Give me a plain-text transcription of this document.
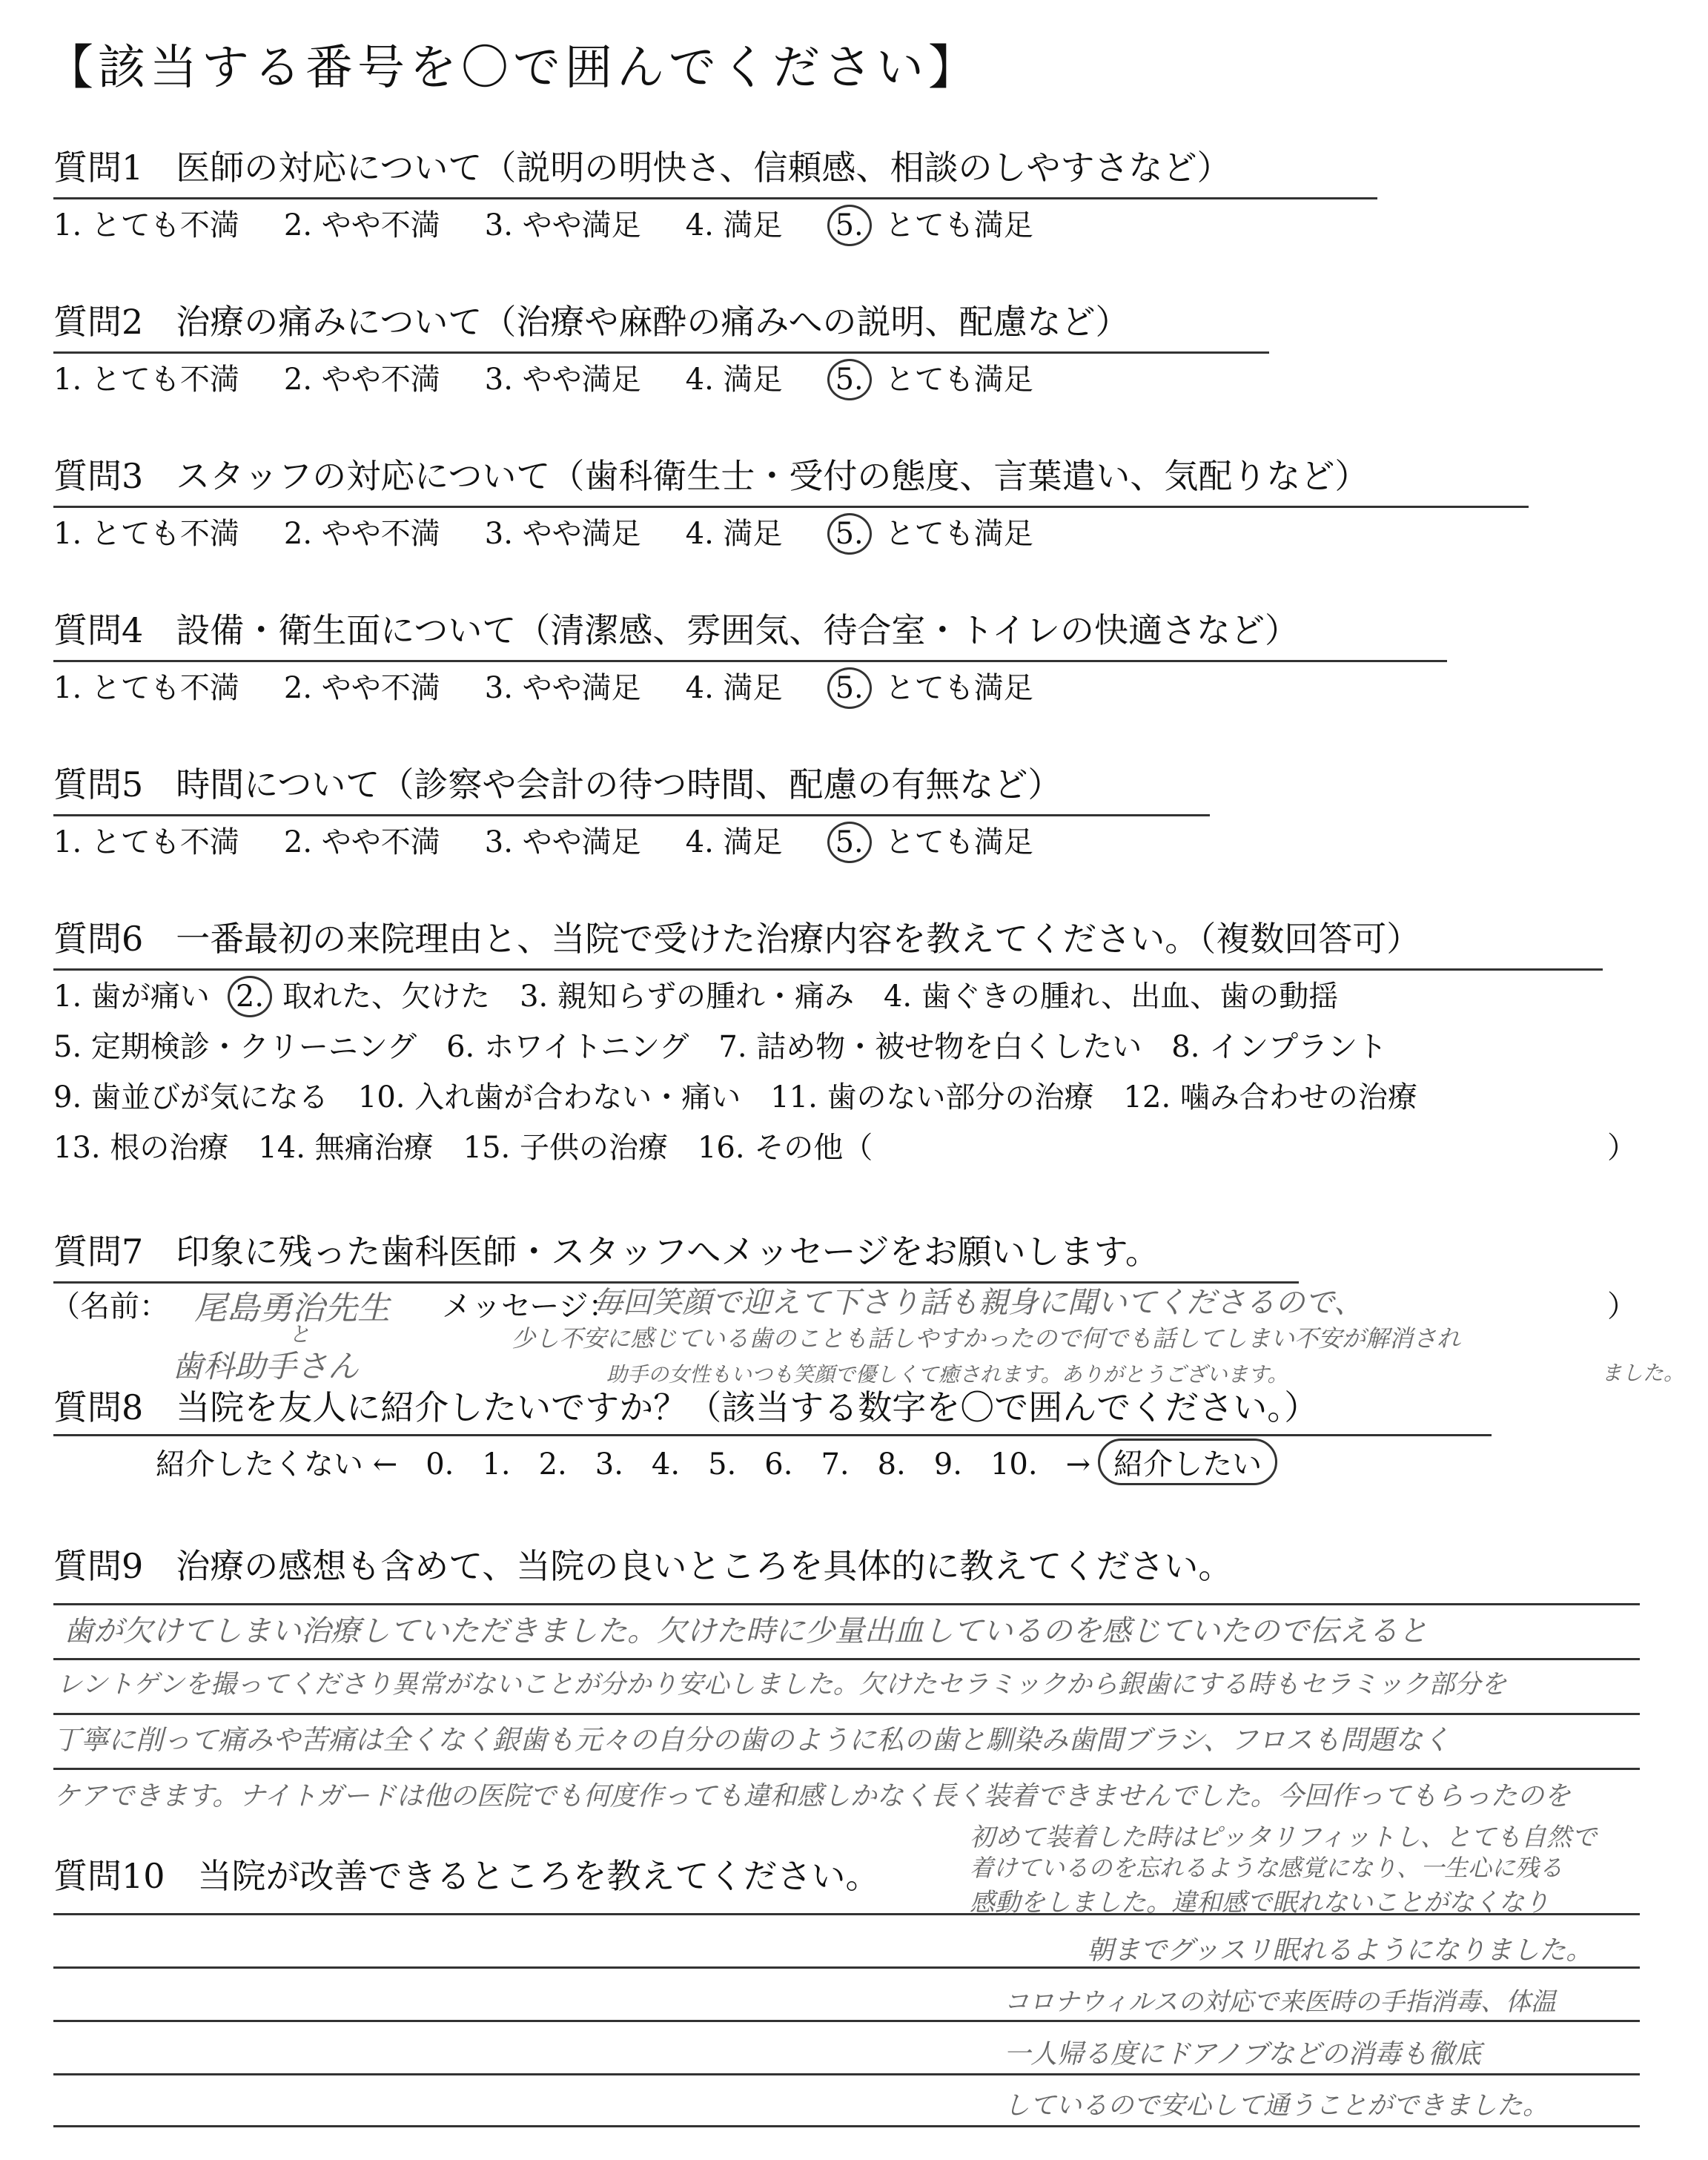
【該当する番号を〇で囲んでください】
質問1 医師の対応について（説明の明快さ、信頼感、相談のしやすさなど）
1. とても不満 2. やや不満 3. やや満足 4. 満足 5. とても満足
質問2 治療の痛みについて（治療や麻酔の痛みへの説明、配慮など）
1. とても不満 2. やや不満 3. やや満足 4. 満足 5. とても満足
質問3 スタッフの対応について（歯科衛生士・受付の態度、言葉遣い、気配りなど）
1. とても不満 2. やや不満 3. やや満足 4. 満足 5. とても満足
質問4 設備・衛生面について（清潔感、雰囲気、待合室・トイレの快適さなど）
1. とても不満 2. やや不満 3. やや満足 4. 満足 5. とても満足
質問5 時間について（診察や会計の待つ時間、配慮の有無など）
1. とても不満 2. やや不満 3. やや満足 4. 満足 5. とても満足
質問6 一番最初の来院理由と、当院で受けた治療内容を教えてください。（複数回答可）
1. 歯が痛い 2. 取れた、欠けた 3. 親知らずの腫れ・痛み 4. 歯ぐきの腫れ、出血、歯の動揺
5. 定期検診・クリーニング 6. ホワイトニング 7. 詰め物・被せ物を白くしたい 8. インプラント
9. 歯並びが気になる 10. 入れ歯が合わない・痛い 11. 歯のない部分の治療 12. 噛み合わせの治療
13. 根の治療 14. 無痛治療 15. 子供の治療 16. その他（	）
質問7 印象に残った歯科医師・スタッフへメッセージをお願いします。
（名前：	メッセージ：	）
尾島勇治先生
と
歯科助手さん
毎回笑顔で迎えて下さり話も親身に聞いてくださるので、
少し不安に感じている歯のことも話しやすかったので何でも話してしまい不安が解消され
助手の女性もいつも笑顔で優しくて癒されます。ありがとうございます。	ました。
質問8 当院を友人に紹介したいですか？（該当する数字を〇で囲んでください。）
紹介したくない ← 0. 1. 2. 3. 4. 5. 6. 7. 8. 9. 10. → 紹介したい
質問9 治療の感想も含めて、当院の良いところを具体的に教えてください。
歯が欠けてしまい治療していただきました。欠けた時に少量出血しているのを感じていたので伝えると
レントゲンを撮ってくださり異常がないことが分かり安心しました。欠けたセラミックから銀歯にする時もセラミック部分を
丁寧に削って痛みや苦痛は全くなく銀歯も元々の自分の歯のように私の歯と馴染み歯間ブラシ、フロスも問題なく
ケアできます。ナイトガードは他の医院でも何度作っても違和感しかなく長く装着できませんでした。今回作ってもらったのを
質問10 当院が改善できるところを教えてください。
初めて装着した時はピッタリフィットし、とても自然で
着けているのを忘れるような感覚になり、一生心に残る
感動をしました。違和感で眠れないことがなくなり
朝までグッスリ眠れるようになりました。
コロナウィルスの対応で来医時の手指消毒、体温
一人帰る度にドアノブなどの消毒も徹底
しているので安心して通うことができました。
